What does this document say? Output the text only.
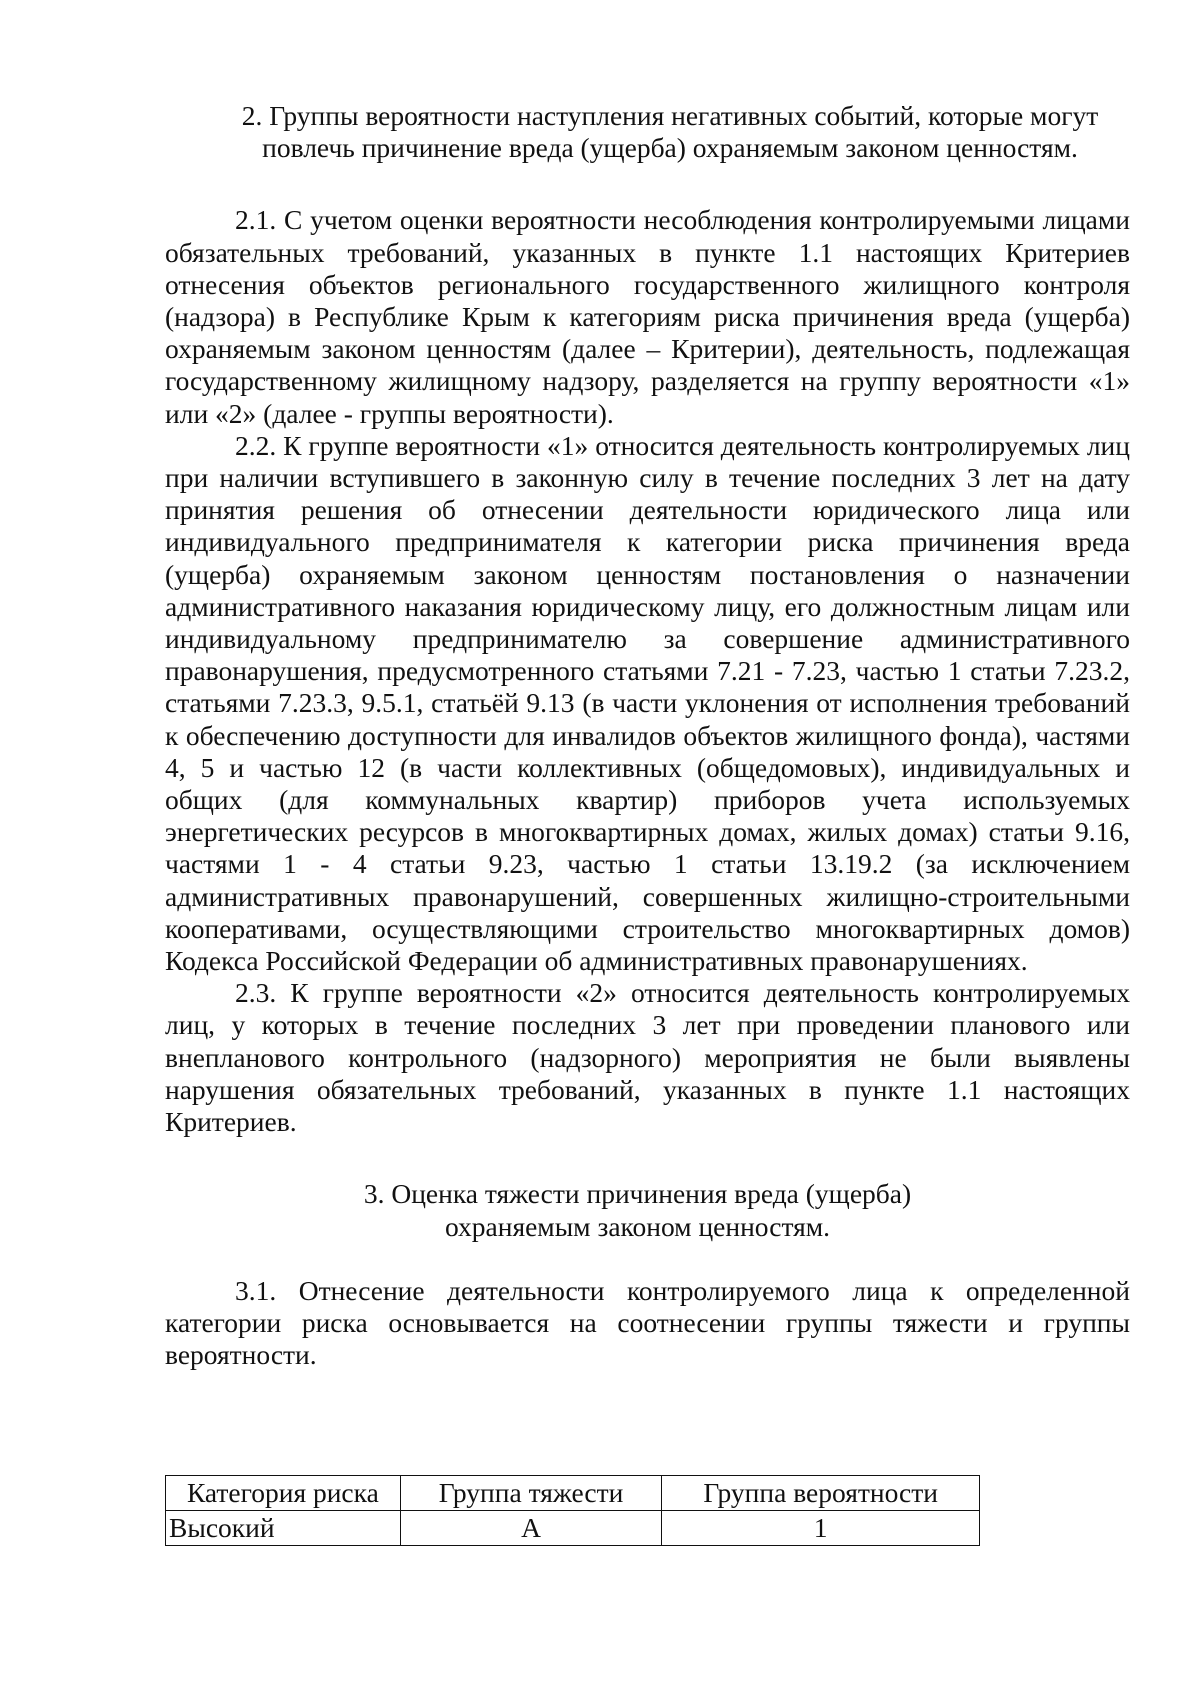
2. Группы вероятности наступления негативных событий, которые могут повлечь причинение вреда (ущерба) охраняемым законом ценностям.

2.1. С учетом оценки вероятности несоблюдения контролируемыми лицами обязательных требований, указанных в пункте 1.1 настоящих Критериев отнесения объектов регионального государственного жилищного контроля (надзора) в Республике Крым к категориям риска причинения вреда (ущерба) охраняемым законом ценностям (далее – Критерии), деятельность, подлежащая государственному жилищному надзору, разделяется на группу вероятности «1» или «2» (далее - группы вероятности).

2.2. К группе вероятности «1» относится деятельность контролируемых лиц при наличии вступившего в законную силу в течение последних 3 лет на дату принятия решения об отнесении деятельности юридического лица или индивидуального предпринимателя к категории риска причинения вреда (ущерба) охраняемым законом ценностям постановления о назначении административного наказания юридическому лицу, его должностным лицам или индивидуальному предпринимателю за совершение административного правонарушения, предусмотренного статьями 7.21 - 7.23, частью 1 статьи 7.23.2, статьями 7.23.3, 9.5.1, статьёй 9.13 (в части уклонения от исполнения требований к обеспечению доступности для инвалидов объектов жилищного фонда), частями 4, 5 и частью 12 (в части коллективных (общедомовых), индивидуальных и общих (для коммунальных квартир) приборов учета используемых энергетических ресурсов в многоквартирных домах, жилых домах) статьи 9.16, частями 1 - 4 статьи 9.23, частью 1 статьи 13.19.2 (за исключением административных правонарушений, совершенных жилищно-строительными кооперативами, осуществляющими строительство многоквартирных домов) Кодекса Российской Федерации об административных правонарушениях.

2.3. К группе вероятности «2» относится деятельность контролируемых лиц, у которых в течение последних 3 лет при проведении планового или внепланового контрольного (надзорного) мероприятия не были выявлены нарушения обязательных требований, указанных в пункте 1.1 настоящих Критериев.

3. Оценка тяжести причинения вреда (ущерба) охраняемым законом ценностям.

3.1. Отнесение деятельности контролируемого лица к определенной категории риска основывается на соотнесении группы тяжести и группы вероятности.

Категория риска	Группа тяжести	Группа вероятности
Высокий	А	1
